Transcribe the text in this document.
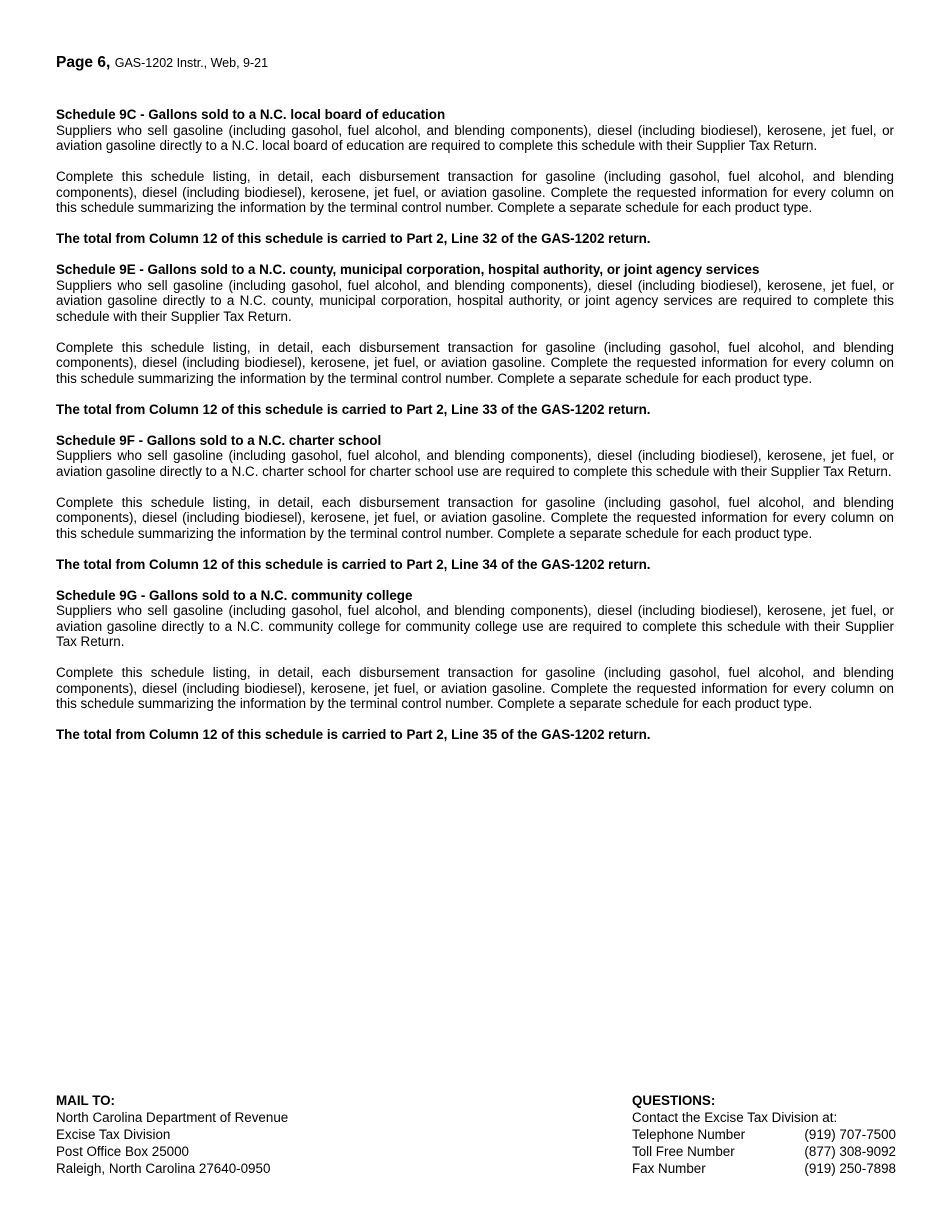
Page 6, GAS-1202 Instr., Web, 9-21
Schedule 9C - Gallons sold to a N.C. local board of education

Suppliers who sell gasoline (including gasohol, fuel alcohol, and blending components), diesel (including biodiesel), kerosene, jet fuel, or aviation gasoline directly to a N.C. local board of education are required to complete this schedule with their Supplier Tax Return.

Complete this schedule listing, in detail, each disbursement transaction for gasoline (including gasohol, fuel alcohol, and blending components), diesel (including biodiesel), kerosene, jet fuel, or aviation gasoline. Complete the requested information for every column on this schedule summarizing the information by the terminal control number. Complete a separate schedule for each product type.

The total from Column 12 of this schedule is carried to Part 2, Line 32 of the GAS-1202 return.

Schedule 9E - Gallons sold to a N.C. county, municipal corporation, hospital authority, or joint agency services

Suppliers who sell gasoline (including gasohol, fuel alcohol, and blending components), diesel (including biodiesel), kerosene, jet fuel, or aviation gasoline directly to a N.C. county, municipal corporation, hospital authority, or joint agency services are required to complete this schedule with their Supplier Tax Return.

Complete this schedule listing, in detail, each disbursement transaction for gasoline (including gasohol, fuel alcohol, and blending components), diesel (including biodiesel), kerosene, jet fuel, or aviation gasoline. Complete the requested information for every column on this schedule summarizing the information by the terminal control number. Complete a separate schedule for each product type.

The total from Column 12 of this schedule is carried to Part 2, Line 33 of the GAS-1202 return.

Schedule 9F - Gallons sold to a N.C. charter school

Suppliers who sell gasoline (including gasohol, fuel alcohol, and blending components), diesel (including biodiesel), kerosene, jet fuel, or aviation gasoline directly to a N.C. charter school for charter school use are required to complete this schedule with their Supplier Tax Return.

Complete this schedule listing, in detail, each disbursement transaction for gasoline (including gasohol, fuel alcohol, and blending components), diesel (including biodiesel), kerosene, jet fuel, or aviation gasoline. Complete the requested information for every column on this schedule summarizing the information by the terminal control number. Complete a separate schedule for each product type.

The total from Column 12 of this schedule is carried to Part 2, Line 34 of the GAS-1202 return.

Schedule 9G - Gallons sold to a N.C. community college

Suppliers who sell gasoline (including gasohol, fuel alcohol, and blending components), diesel (including biodiesel), kerosene, jet fuel, or aviation gasoline directly to a N.C. community college for community college use are required to complete this schedule with their Supplier Tax Return.

Complete this schedule listing, in detail, each disbursement transaction for gasoline (including gasohol, fuel alcohol, and blending components), diesel (including biodiesel), kerosene, jet fuel, or aviation gasoline. Complete the requested information for every column on this schedule summarizing the information by the terminal control number. Complete a separate schedule for each product type.

The total from Column 12 of this schedule is carried to Part 2, Line 35 of the GAS-1202 return.

MAIL TO:
North Carolina Department of Revenue
Excise Tax Division
Post Office Box 25000
Raleigh, North Carolina 27640-0950
QUESTIONS:
Contact the Excise Tax Division at:
Telephone Number	(919) 707-7500
Toll Free Number	(877) 308-9092
Fax Number	(919) 250-7898
